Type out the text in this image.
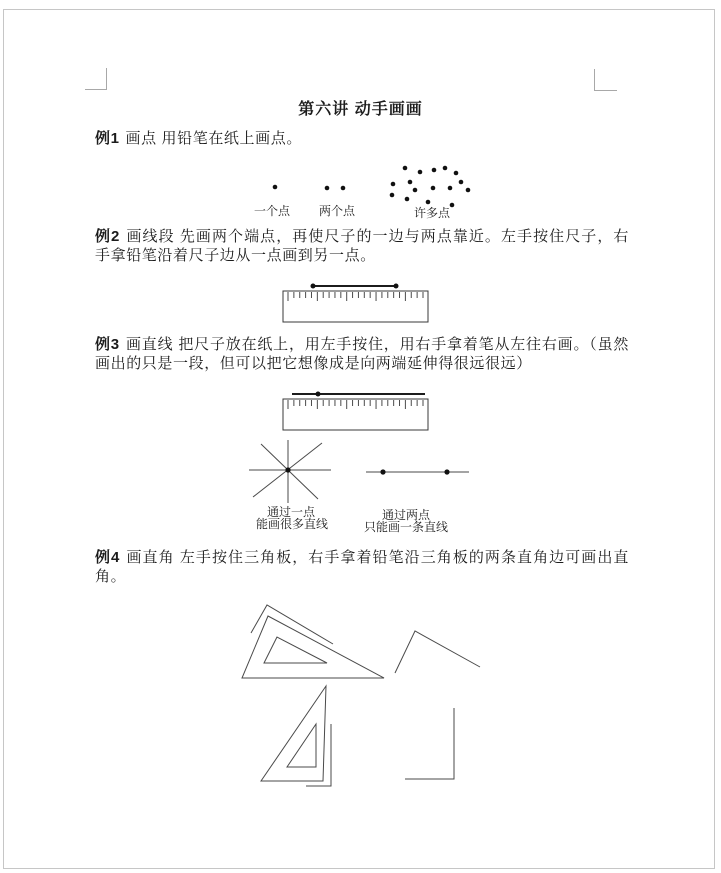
第六讲 动手画画

例1 画点 用铅笔在纸上画点。

例2 画线段 先画两个端点，再使尺子的一边与两点靠近。左手按住尺子，右手拿铅笔沿着尺子边从一点画到另一点。

例3 画直线 把尺子放在纸上，用左手按住，用右手拿着笔从左往右画。（虽然画出的只是一段，但可以把它想像成是向两端延伸得很远很远）

例4 画直角 左手按住三角板，右手拿着铅笔沿三角板的两条直角边可画出直角。

一个点 两个点	许多点
通过一点
能画很多直线
通过两点
只能画一条直线
